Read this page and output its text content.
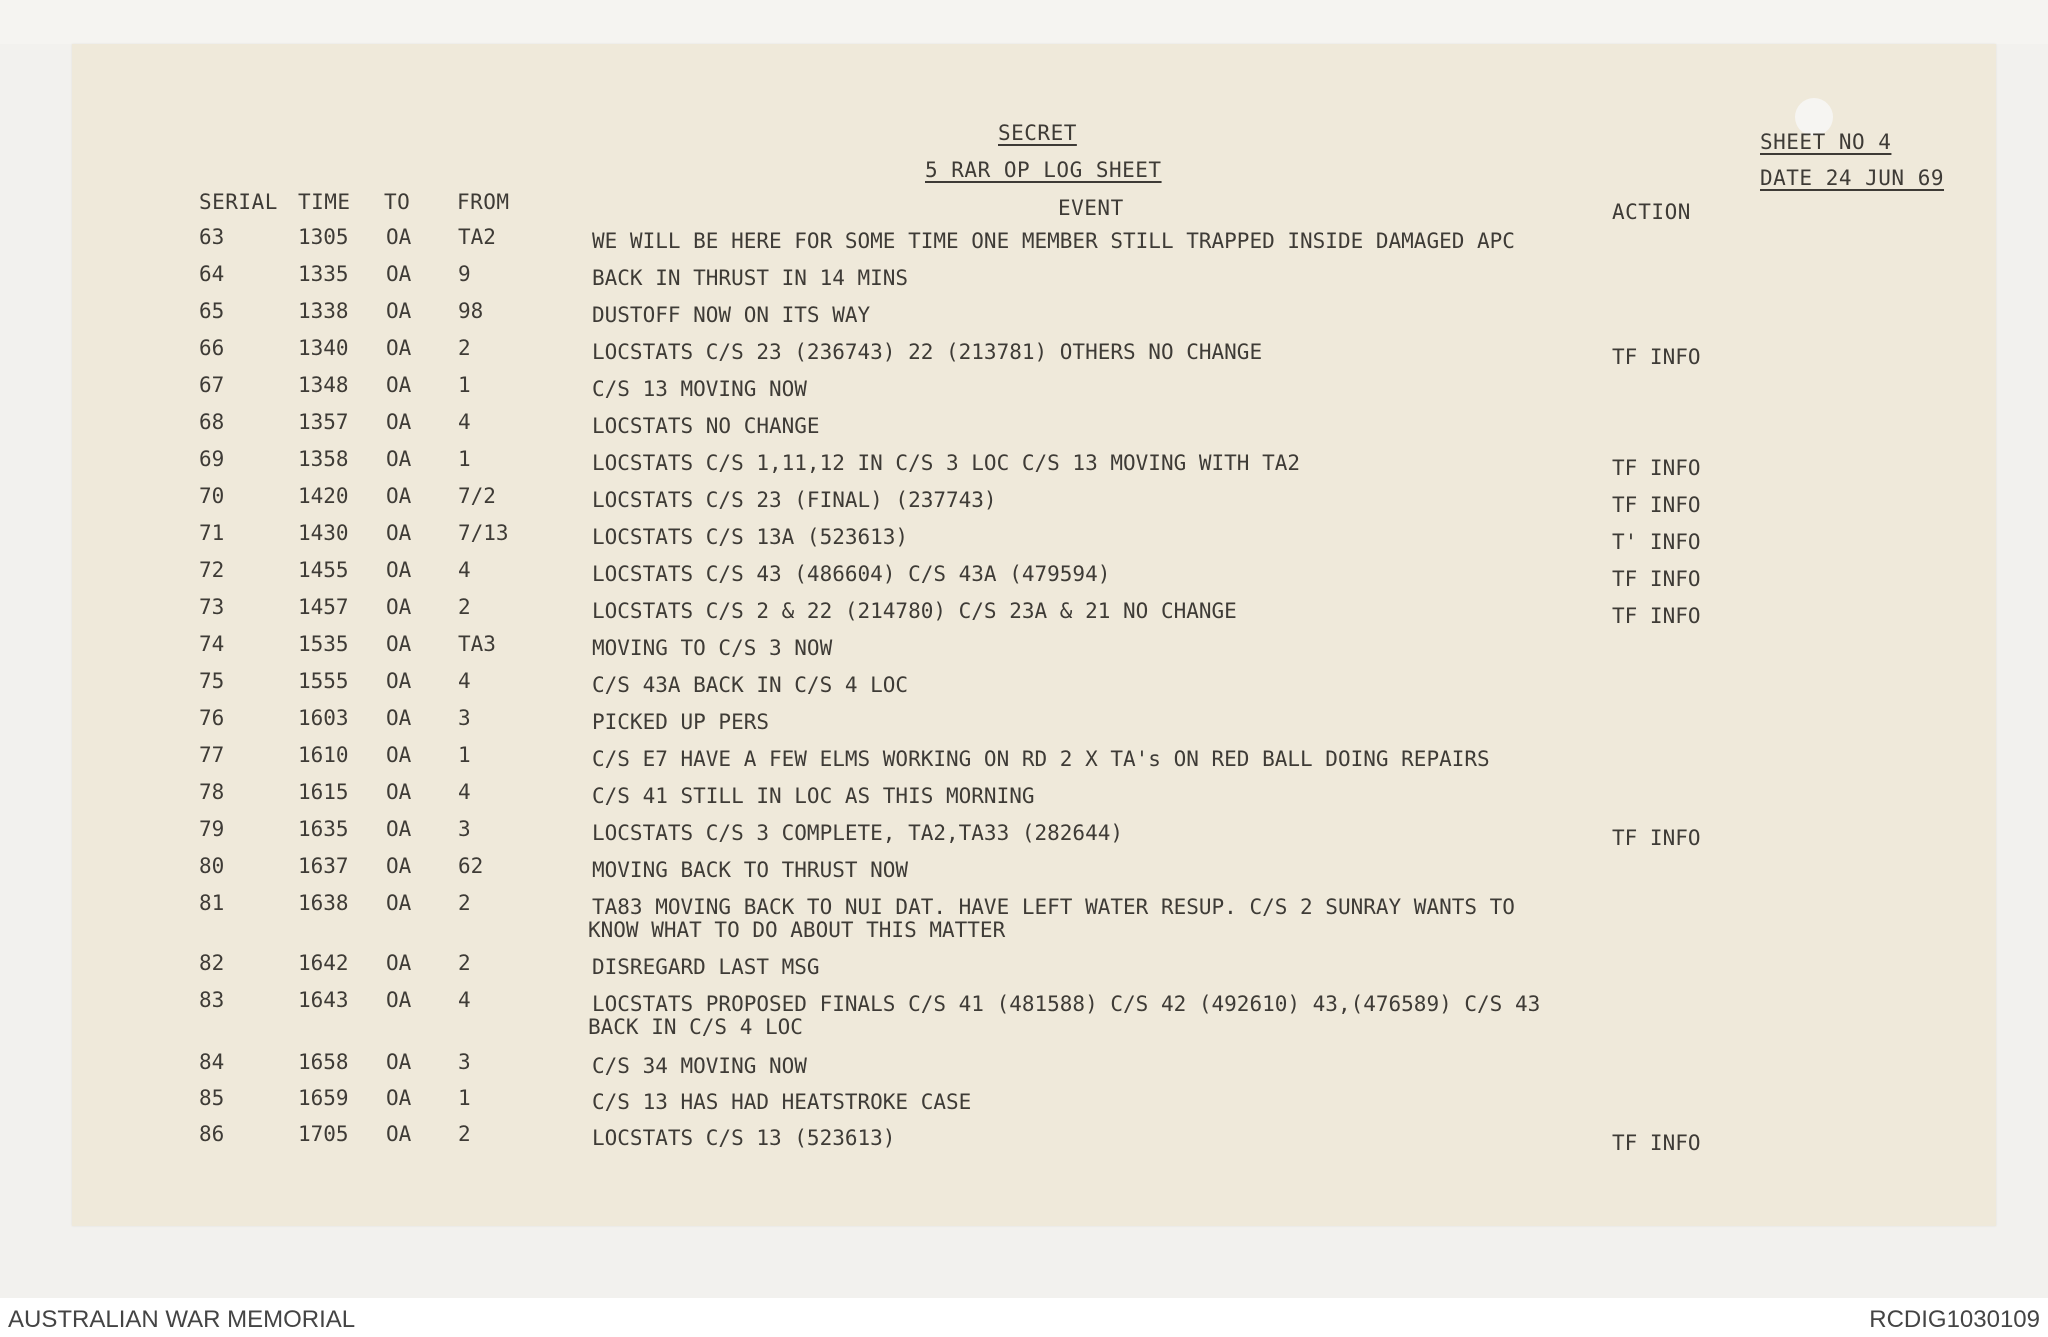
SECRET
5 RAR OP LOG SHEET
SHEET NO 4
DATE 24 JUN 69
SERIAL TIME TO FROM	EVENT	ACTION
63	1305 OA TA2	WE WILL BE HERE FOR SOME TIME ONE MEMBER STILL TRAPPED INSIDE DAMAGED APC
64	1335 OA 9	BACK IN THRUST IN 14 MINS
65	1338 OA 98	DUSTOFF NOW ON ITS WAY
66	1340 OA 2	LOCSTATS C/S 23 (236743) 22 (213781) OTHERS NO CHANGE	TF INFO
67	1348 OA 1	C/S 13 MOVING NOW
68	1357 OA 4	LOCSTATS NO CHANGE
69	1358 OA 1	LOCSTATS C/S 1,11,12 IN C/S 3 LOC C/S 13 MOVING WITH TA2	TF INFO
70	1420 OA 7/2	LOCSTATS C/S 23 (FINAL) (237743)	TF INFO
71	1430 OA 7/13	LOCSTATS C/S 13A (523613)	T' INFO
72	1455 OA 4	LOCSTATS C/S 43 (486604) C/S 43A (479594)	TF INFO
73	1457 OA 2	LOCSTATS C/S 2 & 22 (214780) C/S 23A & 21 NO CHANGE	TF INFO
74	1535 OA TA3	MOVING TO C/S 3 NOW
75	1555 OA 4	C/S 43A BACK IN C/S 4 LOC
76	1603 OA 3	PICKED UP PERS
77	1610 OA 1	C/S E7 HAVE A FEW ELMS WORKING ON RD 2 X TA's ON RED BALL DOING REPAIRS
78	1615 OA 4	C/S 41 STILL IN LOC AS THIS MORNING
79	1635 OA 3	LOCSTATS C/S 3 COMPLETE, TA2,TA33 (282644)	TF INFO
80	1637 OA 62	MOVING BACK TO THRUST NOW
81	1638 OA 2	TA83 MOVING BACK TO NUI DAT. HAVE LEFT WATER RESUP. C/S 2 SUNRAY WANTS TO
KNOW WHAT TO DO ABOUT THIS MATTER
82	1642 OA 2	DISREGARD LAST MSG
83	1643 OA 4	LOCSTATS PROPOSED FINALS C/S 41 (481588) C/S 42 (492610) 43,(476589) C/S 43
BACK IN C/S 4 LOC
84	1658 OA 3	C/S 34 MOVING NOW
85	1659 OA 1	C/S 13 HAS HAD HEATSTROKE CASE
86	1705 OA 2	LOCSTATS C/S 13 (523613)	TF INFO
AUSTRALIAN WAR MEMORIAL	RCDIG1030109
